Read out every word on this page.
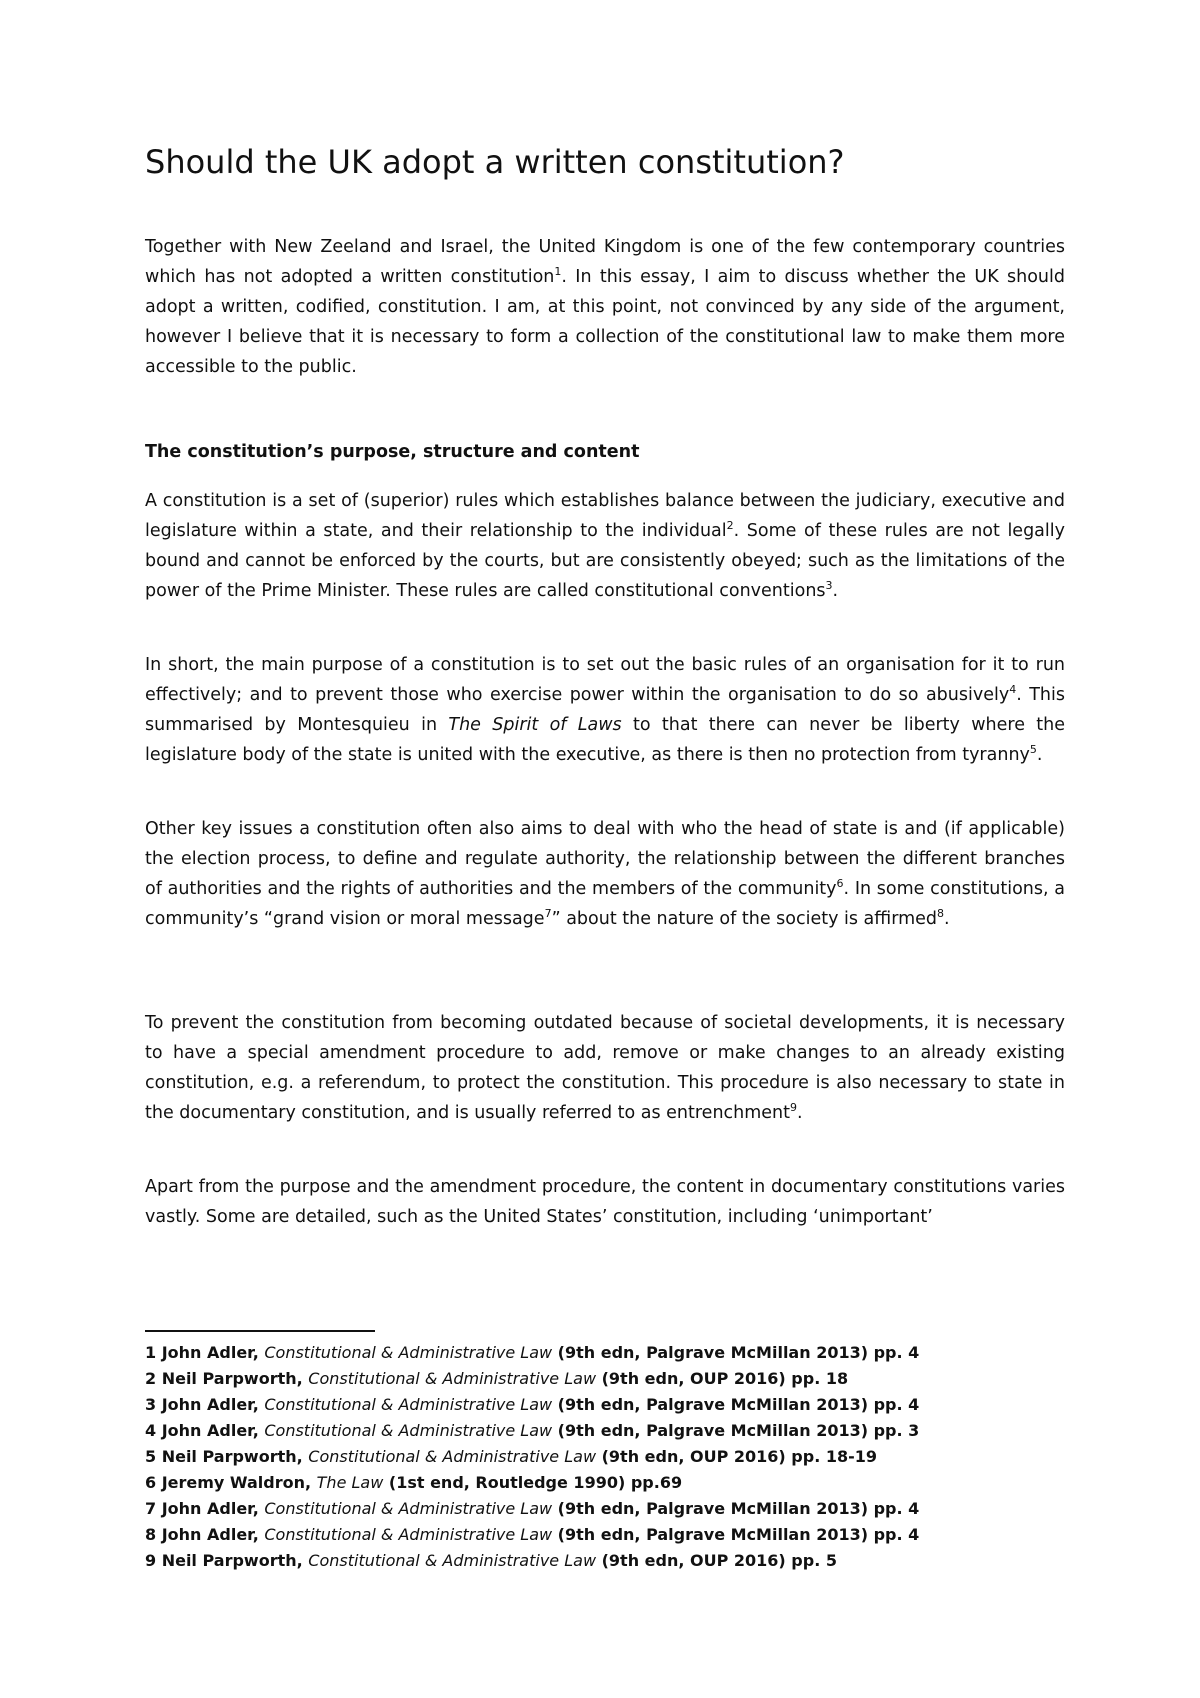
Should the UK adopt a written constitution?

Together with New Zeeland and Israel, the United Kingdom is one of the few contemporary countries which has not adopted a written constitution$^1$. In this essay, I aim to discuss whether the UK should adopt a written, codified, constitution. I am, at this point, not convinced by any side of the argument, however I believe that it is necessary to form a collection of the constitutional law to make them more accessible to the public.

The constitution’s purpose, structure and content

A constitution is a set of (superior) rules which establishes balance between the judiciary, executive and legislature within a state, and their relationship to the individual$^2$. Some of these rules are not legally bound and cannot be enforced by the courts, but are consistently obeyed; such as the limitations of the power of the Prime Minister. These rules are called constitutional conventions$^3$.

In short, the main purpose of a constitution is to set out the basic rules of an organisation for it to run effectively; and to prevent those who exercise power within the organisation to do so abusively$^4$. This summarised by Montesquieu in The Spirit of Laws to that there can never be liberty where the legislature body of the state is united with the executive, as there is then no protection from tyranny$^5$.

Other key issues a constitution often also aims to deal with who the head of state is and (if applicable) the election process, to define and regulate authority, the relationship between the different branches of authorities and the rights of authorities and the members of the community$^6$. In some constitutions, a community’s “grand vision or moral message$^7$” about the nature of the society is affirmed$^8$.

To prevent the constitution from becoming outdated because of societal developments, it is necessary to have a special amendment procedure to add, remove or make changes to an already existing constitution, e.g. a referendum, to protect the constitution. This procedure is also necessary to state in the documentary constitution, and is usually referred to as entrenchment$^9$.

Apart from the purpose and the amendment procedure, the content in documentary constitutions varies vastly. Some are detailed, such as the United States’ constitution, including ‘unimportant’

1 John Adler, Constitutional & Administrative Law (9th edn, Palgrave McMillan 2013) pp. 4
2 Neil Parpworth, Constitutional & Administrative Law (9th edn, OUP 2016) pp. 18
3 John Adler, Constitutional & Administrative Law (9th edn, Palgrave McMillan 2013) pp. 4
4 John Adler, Constitutional & Administrative Law (9th edn, Palgrave McMillan 2013) pp. 3
5 Neil Parpworth, Constitutional & Administrative Law (9th edn, OUP 2016) pp. 18-19
6 Jeremy Waldron, The Law (1st end, Routledge 1990) pp.69
7 John Adler, Constitutional & Administrative Law (9th edn, Palgrave McMillan 2013) pp. 4
8 John Adler, Constitutional & Administrative Law (9th edn, Palgrave McMillan 2013) pp. 4
9 Neil Parpworth, Constitutional & Administrative Law (9th edn, OUP 2016) pp. 5
